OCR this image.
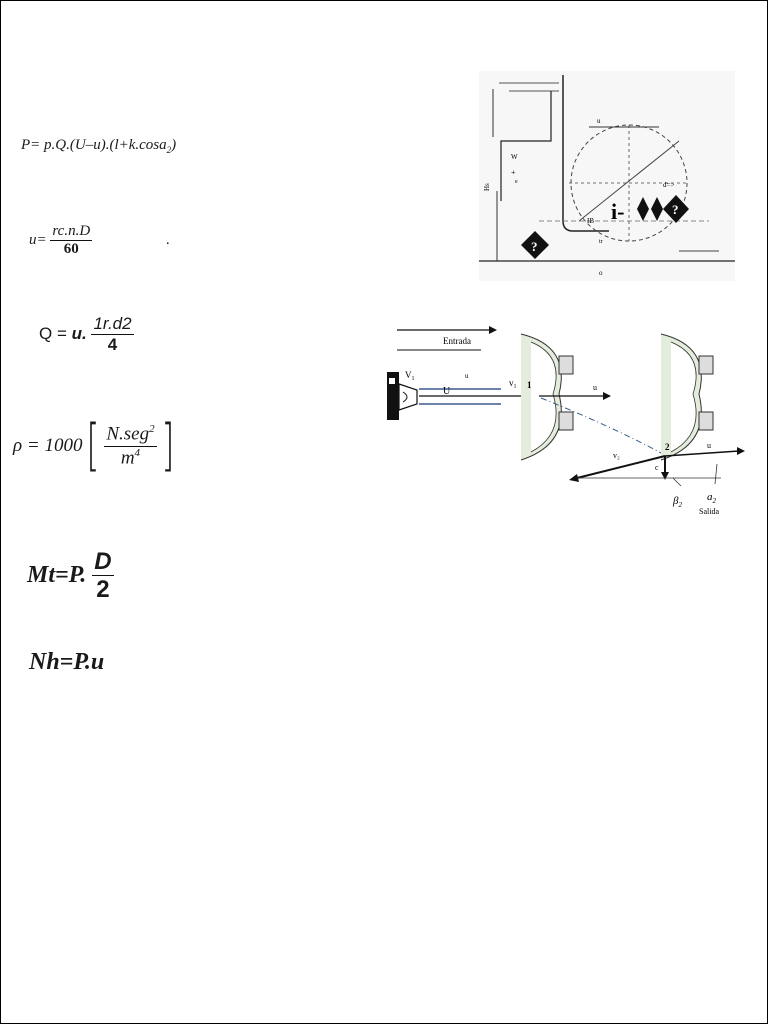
P= p.Q.(U–u).(l+k.cosa$_2$)
$u= \frac{rc.n.D}{60}$	.
Q = u. $\frac{1r.d2}{4}$
ρ = 1000 [ $\frac{N.seg^2}{m^4}$ ]
Mt=P. $\frac{D}{2}$
Nh=P.u
Hs
W
+
e
u
d=>
IB i-	?
?
o
tr
Entrada
$V_1$	u
U
v₁ 1	u
2
v₂
u
c
$\beta_2$
$a_2$
Salida
